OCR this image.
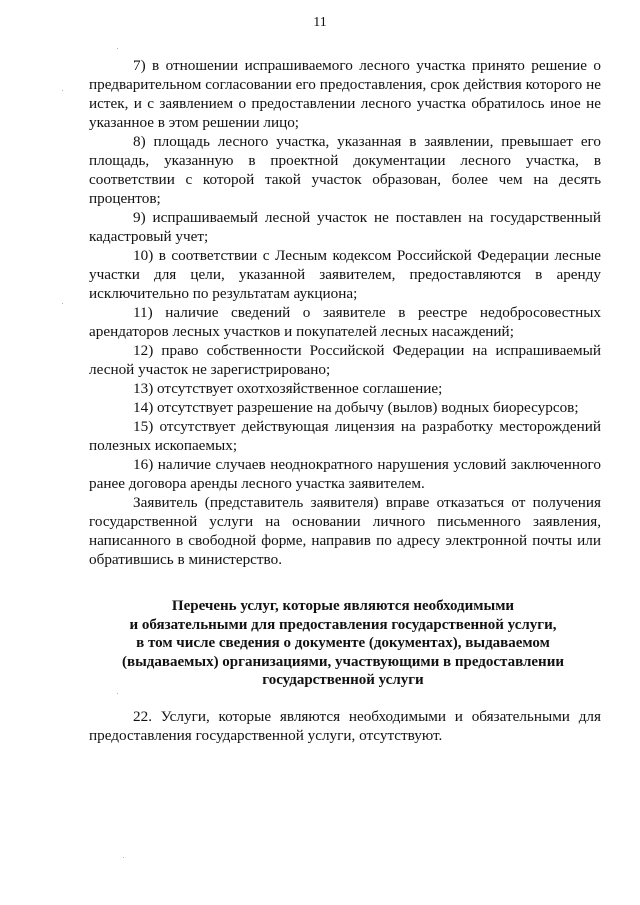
11

7) в отношении испрашиваемого лесного участка принято решение о предварительном согласовании его предоставления, срок действия которого не истек, и с заявлением о предоставлении лесного участка обратилось иное не указанное в этом решении лицо;

8) площадь лесного участка, указанная в заявлении, превышает его площадь, указанную в проектной документации лесного участка, в соответствии с которой такой участок образован, более чем на десять процентов;

9) испрашиваемый лесной участок не поставлен на государственный кадастровый учет;

10) в соответствии с Лесным кодексом Российской Федерации лесные участки для цели, указанной заявителем, предоставляются в аренду исключительно по результатам аукциона;

11) наличие сведений о заявителе в реестре недобросовестных арендаторов лесных участков и покупателей лесных насаждений;

12) право собственности Российской Федерации на испрашиваемый лесной участок не зарегистрировано;

13) отсутствует охотхозяйственное соглашение;

14) отсутствует разрешение на добычу (вылов) водных биоресурсов;

15) отсутствует действующая лицензия на разработку месторождений полезных ископаемых;

16) наличие случаев неоднократного нарушения условий заключенного ранее договора аренды лесного участка заявителем.

Заявитель (представитель заявителя) вправе отказаться от получения государственной услуги на основании личного письменного заявления, написанного в свободной форме, направив по адресу электронной почты или обратившись в министерство.

Перечень услуг, которые являются необходимыми
и обязательными для предоставления государственной услуги,
в том числе сведения о документе (документах), выдаваемом
(выдаваемых) организациями, участвующими в предоставлении
государственной услуги

22. Услуги, которые являются необходимыми и обязательными для предоставления государственной услуги, отсутствуют.
